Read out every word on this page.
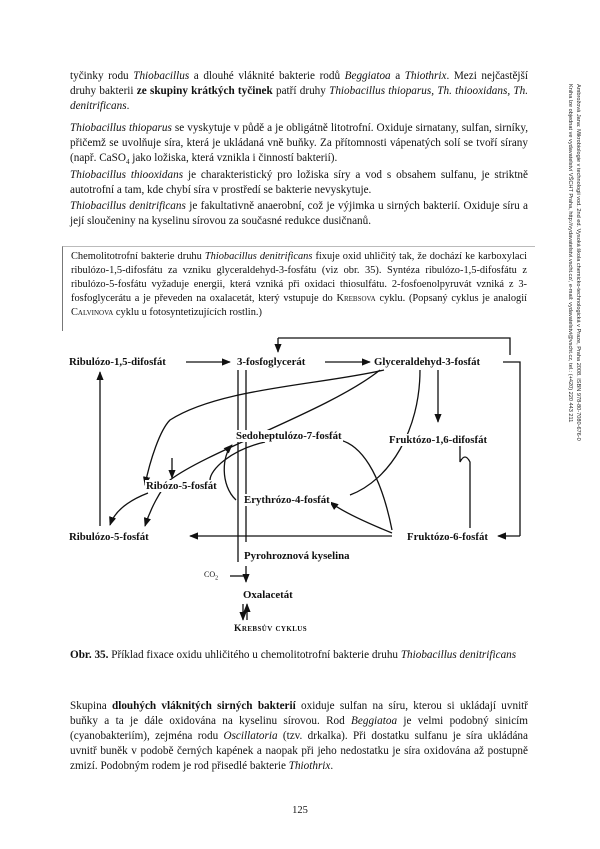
Ambrožová Jana: Mikrobiologie v technologii vod. 2nd ed. Vysoká škola chemicko-technologická v Praze, Praha 2008. ISBN 978-80-7080-676-0
Kniha lze objednat ve vydavatelství VŠCHT Praha, http://vydavatelstvi.vscht.cz/, e-mail: vydavatelstvi@vscht.cz, tel.: (+420) 220 443 211

tyčinky rodu Thiobacillus a dlouhé vláknité bakterie rodů Beggiatoa a Thiothrix. Mezi nejčastější druhy bakterii ze skupiny krátkých tyčinek patří druhy Thiobacillus thioparus, Th. thiooxidans, Th. denitrificans.

Thiobacillus thioparus se vyskytuje v půdě a je obligátně litotrofní. Oxiduje sirnatany, sulfan, sirníky, přičemž se uvolňuje síra, která je ukládaná vně buňky. Za přítomnosti vápenatých solí se tvoří sírany (např. CaSO$_4$ jako ložiska, která vznikla i činností bakterií).

Thiobacillus thiooxidans je charakteristický pro ložiska síry a vod s obsahem sulfanu, je striktně autotrofní a tam, kde chybí síra v prostředí se bakterie nevyskytuje.

Thiobacillus denitrificans je fakultativně anaerobní, což je výjimka u sirných bakterií. Oxiduje síru a její sloučeniny na kyselinu sírovou za současné redukce dusičnanů.

Chemolitotrofní bakterie druhu Thiobacillus denitrificans fixuje oxid uhličitý tak, že dochází ke karboxylaci ribulózo-1,5-difosfátu za vzniku glyceraldehyd-3-fosfátu (viz obr. 35). Syntéza ribulózo-1,5-difosfátu z ribulózo-5-fosfátu vyžaduje energii, která vzniká při oxidaci thiosulfátu. 2-fosfoenolpyruvát vzniká z 3-fosfoglycerátu a je převeden na oxalacetát, který vstupuje do Krebsova cyklu. (Popsaný cyklus je analogií Calvinova cyklu u fotosyntetizujících rostlin.)

Ribulózo-1,5-difosfát	3-fosfoglycerát	Glyceraldehyd-3-fosfát
Sedoheptulózo-7-fosfát	Fruktózo-1,6-difosfát
Ribózo-5-fosfát
Erythrózo-4-fosfát
Ribulózo-5-fosfát	Fruktózo-6-fosfát
Pyrohroznová kyselina
$CO_2$
Oxalacetát
Krebsův cyklus
Obr. 35. Příklad fixace oxidu uhličitého u chemolitotrofní bakterie druhu Thiobacillus denitrificans

Skupina dlouhých vláknitých sirných bakterií oxiduje sulfan na síru, kterou si ukládají uvnitř buňky a ta je dále oxidována na kyselinu sírovou. Rod Beggiatoa je velmi podobný sinicím (cyanobakteriím), zejména rodu Oscillatoria (tzv. drkalka). Při dostatku sulfanu je síra ukládána uvnitř buněk v podobě černých kapének a naopak při jeho nedostatku je síra oxidována až postupně zmizí. Podobným rodem je rod přisedlé bakterie Thiothrix.

125
